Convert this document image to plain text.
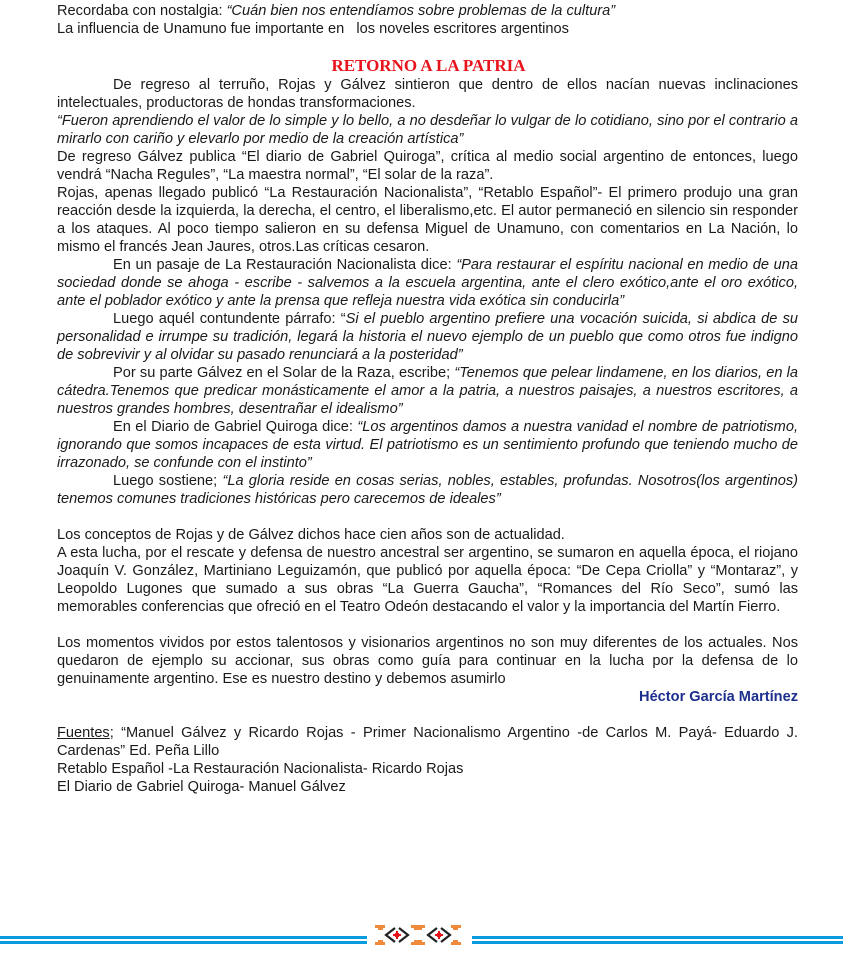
Recordaba con nostalgia: “Cuán bien nos entendíamos sobre problemas de la cultura”

La influencia de Unamuno fue importante en   los noveles escritores argentinos

RETORNO A LA PATRIA

De regreso al terruño, Rojas y Gálvez sintieron que dentro de ellos nacían nuevas inclinaciones intelectuales, productoras de hondas transformaciones.

“Fueron aprendiendo el valor de lo simple y lo bello, a no desdeñar lo vulgar de lo cotidiano, sino por el contrario a mirarlo con cariño y elevarlo por medio de la creación artística”

De regreso Gálvez publica “El diario de Gabriel Quiroga”, crítica al medio social argentino de entonces, luego vendrá “Nacha Regules”, “La maestra normal”, “El solar de la raza”.

Rojas, apenas llegado publicó “La Restauración Nacionalista”, “Retablo Español”- El primero produjo una gran reacción desde la izquierda, la derecha, el centro, el liberalismo,etc. El autor permaneció en silencio sin responder a los ataques. Al poco tiempo salieron en su defensa Miguel de Unamuno, con comentarios en La Nación, lo mismo el francés Jean Jaures, otros.Las críticas cesaron.

En un pasaje de La Restauración Nacionalista dice: “Para restaurar el espíritu nacional en medio de una sociedad donde se ahoga - escribe - salvemos a la escuela argentina, ante el clero exótico,ante el oro exótico, ante el poblador exótico y ante la prensa que refleja nuestra vida exótica sin conducirla”

Luego aquél contundente párrafo: “Si el pueblo argentino prefiere una vocación suicida, si abdica de su personalidad e irrumpe su tradición, legará la historia el nuevo ejemplo de un pueblo que como otros fue indigno de sobrevivir y al olvidar su pasado renunciará a la posteridad”

Por su parte Gálvez en el Solar de la Raza, escribe; “Tenemos que pelear lindamene, en los diarios, en la cátedra.Tenemos que predicar monásticamente el amor a la patria, a nuestros paisajes, a nuestros escritores, a nuestros grandes hombres, desentrañar el idealismo”

En el Diario de Gabriel Quiroga dice: “Los argentinos damos a nuestra vanidad el nombre de patriotismo, ignorando que somos incapaces de esta virtud. El patriotismo es un sentimiento profundo que teniendo mucho de irrazonado, se confunde con el instinto”

Luego sostiene; “La gloria reside en cosas serias, nobles, estables, profundas. Nosotros(los argentinos) tenemos comunes tradiciones históricas pero carecemos de ideales”

Los conceptos de Rojas y de Gálvez dichos hace cien años son de actualidad.

A esta lucha, por el rescate y defensa de nuestro ancestral ser argentino, se sumaron en aquella época, el riojano Joaquín V. González, Martiniano Leguizamón, que publicó por aquella época: “De Cepa Criolla” y “Montaraz”, y Leopoldo Lugones que sumado a sus obras “La Guerra Gaucha”, “Romances del Río Seco”, sumó las memorables conferencias que ofreció en el Teatro Odeón destacando el valor y la importancia del Martín Fierro.

Los momentos vividos por estos talentosos y visionarios argentinos no son muy diferentes de los actuales. Nos quedaron de ejemplo su accionar, sus obras como guía para continuar en la lucha por la defensa de lo genuinamente argentino. Ese es nuestro destino y debemos asumirlo

Héctor García Martínez

Fuentes; “Manuel Gálvez y Ricardo Rojas - Primer Nacionalismo Argentino -de Carlos M. Payá- Eduardo J. Cardenas” Ed. Peña Lillo

Retablo Español -La Restauración Nacionalista- Ricardo Rojas

El Diario de Gabriel Quiroga- Manuel Gálvez
